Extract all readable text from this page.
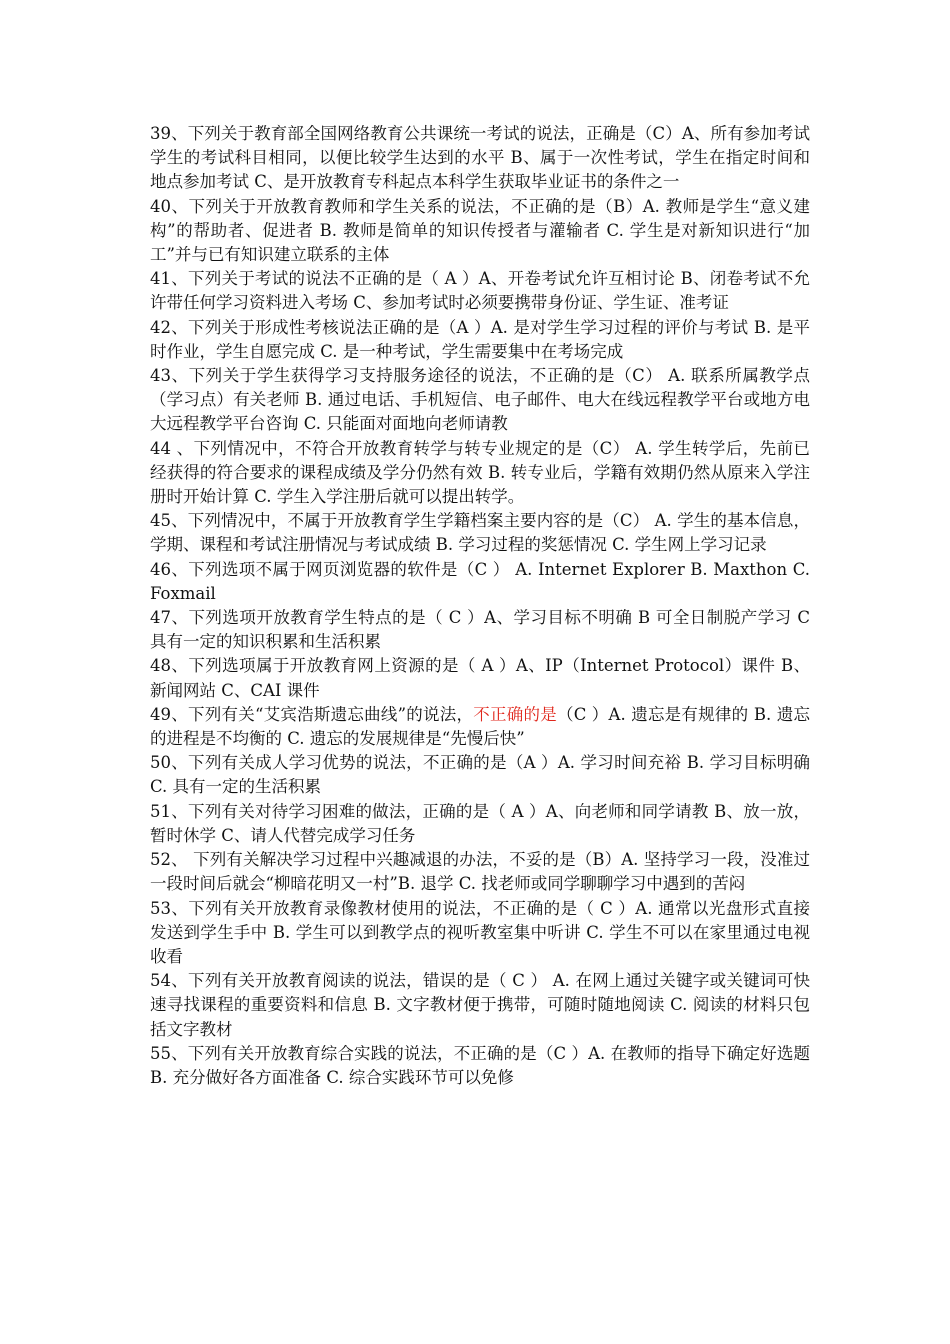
39、下列关于教育部全国网络教育公共课统一考试的说法，正确是（C）A、所有参加考试学生的考试科目相同，以便比较学生达到的水平 B、属于一次性考试，学生在指定时间和地点参加考试 C、是开放教育专科起点本科学生获取毕业证书的条件之一

40、下列关于开放教育教师和学生关系的说法，不正确的是（B）A. 教师是学生“意义建构”的帮助者、促进者 B. 教师是简单的知识传授者与灌输者 C. 学生是对新知识进行“加工”并与已有知识建立联系的主体

41、下列关于考试的说法不正确的是（ A ）A、开卷考试允许互相讨论 B、闭卷考试不允许带任何学习资料进入考场 C、参加考试时必须要携带身份证、学生证、准考证

42、下列关于形成性考核说法正确的是（A ）A. 是对学生学习过程的评价与考试 B. 是平时作业，学生自愿完成 C. 是一种考试，学生需要集中在考场完成

43、下列关于学生获得学习支持服务途径的说法，不正确的是（C） A. 联系所属教学点（学习点）有关老师 B. 通过电话、手机短信、电子邮件、电大在线远程教学平台或地方电大远程教学平台咨询 C. 只能面对面地向老师请教

44 、下列情况中，不符合开放教育转学与转专业规定的是（C） A. 学生转学后，先前已经获得的符合要求的课程成绩及学分仍然有效 B. 转专业后，学籍有效期仍然从原来入学注册时开始计算 C. 学生入学注册后就可以提出转学。

45、下列情况中，不属于开放教育学生学籍档案主要内容的是（C） A. 学生的基本信息，学期、课程和考试注册情况与考试成绩 B. 学习过程的奖惩情况 C. 学生网上学习记录

46、下列选项不属于网页浏览器的软件是（C ） A. Internet Explorer B. Maxthon C. Foxmail

47、下列选项开放教育学生特点的是（ C ）A、学习目标不明确 B 可全日制脱产学习 C 具有一定的知识积累和生活积累

48、下列选项属于开放教育网上资源的是（ A ）A、IP（Internet Protocol）课件 B、新闻网站 C、CAI 课件

49、下列有关“艾宾浩斯遗忘曲线”的说法，不正确的是（C ）A. 遗忘是有规律的 B. 遗忘的进程是不均衡的 C. 遗忘的发展规律是“先慢后快”

50、下列有关成人学习优势的说法，不正确的是（A ）A. 学习时间充裕 B. 学习目标明确 C. 具有一定的生活积累

51、下列有关对待学习困难的做法，正确的是（ A ）A、向老师和同学请教 B、放一放，暂时休学 C、请人代替完成学习任务

52、 下列有关解决学习过程中兴趣减退的办法，不妥的是（B）A. 坚持学习一段，没准过一段时间后就会“柳暗花明又一村”B. 退学 C. 找老师或同学聊聊学习中遇到的苦闷

53、下列有关开放教育录像教材使用的说法，不正确的是（ C ）A. 通常以光盘形式直接发送到学生手中 B. 学生可以到教学点的视听教室集中听讲 C. 学生不可以在家里通过电视收看

54、下列有关开放教育阅读的说法，错误的是（ C ） A. 在网上通过关键字或关键词可快速寻找课程的重要资料和信息 B. 文字教材便于携带，可随时随地阅读 C. 阅读的材料只包括文字教材

55、下列有关开放教育综合实践的说法，不正确的是（C ）A. 在教师的指导下确定好选题 B. 充分做好各方面准备 C. 综合实践环节可以免修
